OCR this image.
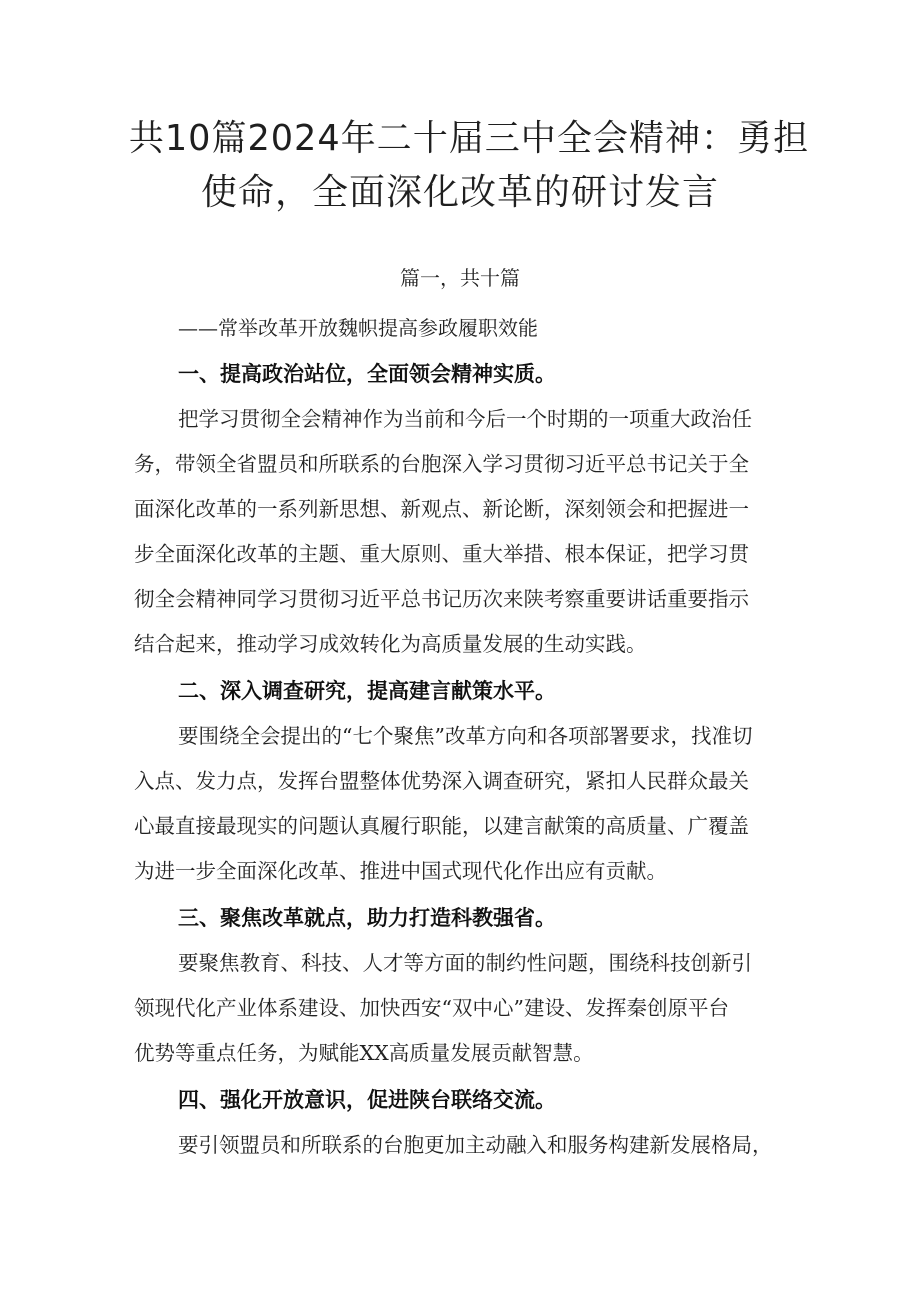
共10篇2024年二十届三中全会精神：勇担
使命，全面深化改革的研讨发言
篇一，共十篇
——常举改革开放魏帜提高参政履职效能
一、提高政治站位，全面领会精神实质。
把学习贯彻全会精神作为当前和今后一个时期的一项重大政治任
务，带领全省盟员和所联系的台胞深入学习贯彻习近平总书记关于全
面深化改革的一系列新思想、新观点、新论断，深刻领会和把握进一
步全面深化改革的主题、重大原则、重大举措、根本保证，把学习贯
彻全会精神同学习贯彻习近平总书记历次来陕考察重要讲话重要指示
结合起来，推动学习成效转化为高质量发展的生动实践。
二、深入调查研究，提高建言献策水平。
要围绕全会提出的“七个聚焦”改革方向和各项部署要求，找准切
入点、发力点，发挥台盟整体优势深入调查研究，紧扣人民群众最关
心最直接最现实的问题认真履行职能，以建言献策的高质量、广覆盖
为进一步全面深化改革、推进中国式现代化作出应有贡献。
三、聚焦改革就点，助力打造科教强省。
要聚焦教育、科技、人才等方面的制约性问题，围绕科技创新引
领现代化产业体系建设、加快西安“双中心”建设、发挥秦创原平台
优势等重点任务，为赋能XX高质量发展贡献智慧。
四、强化开放意识，促进陕台联络交流。
要引领盟员和所联系的台胞更加主动融入和服务构建新发展格局，
